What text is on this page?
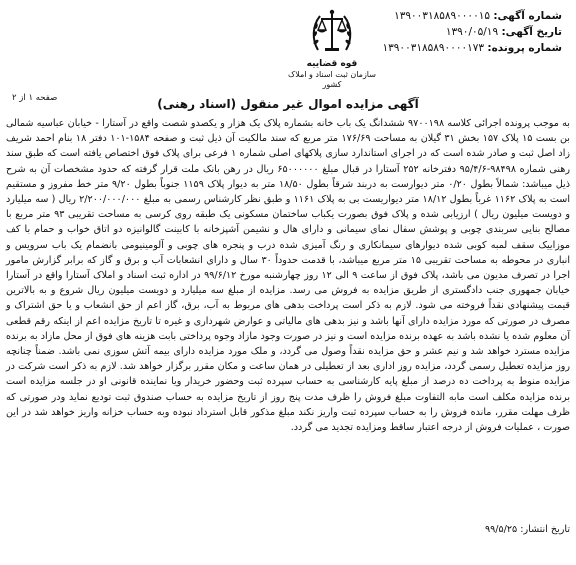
شماره آگهی: ۱۳۹۰۰۳۱۸۵۸۹۰۰۰۰۱۵
تاریخ آگهی: ۱۳۹۰/۰۵/۱۹
شماره پرونده: ۱۳۹۰۰۳۱۸۵۸۹۰۰۰۰۱۷۳
قوه قضاییه
سازمان ثبت اسناد و املاک کشور
صفحه ۱ از ۲	آگهی مزایده اموال غیر منقول (اسناد رهنی)

به موجب پرونده اجرائی کلاسه ۹۷۰۰۱۹۸ ششدانگ یک باب خانه بشماره پلاک یک هزار و یکصدو شصت واقع در آستارا - خیابان عباسیه شمالی بن بست ۱۵ پلاک ۱۵۷ بخش ۳۱ گیلان به مساحت ۱۷۶/۶۹ متر مربع که سند مالکیت آن ذیل ثبت و صفحه ۱۵۸۴-۱۰۱ دفتر ۱۸ بنام احمد شریف زاد اصل ثبت و صادر شده است که در اجرای استاندارد سازی پلاکهای اصلی شماره ۱ فرعی برای پلاک فوق اختصاص یافته است که طبق سند رهنی شماره ۹۸۴۹۸-۹۵/۴/۶ دفترخانه ۲۵۲ آستارا در قبال مبلغ ۶۵۰۰۰۰۰۰ ریال در رهن بانک ملت قرار گرفته که حدود مشخصات آن به شرح ذیل میباشد: شمالاً بطول ۰/۲۰ متر دیوارست به دربند شرقاً بطول ۱۸/۵۰ متر به دیوار پلاک ۱۱۵۹ جنوباً بطول ۹/۲۰ متر خط مفروز و مستقیم است به پلاک ۱۱۶۲ غرباً بطول ۱۸/۱۲ متر دیواریست بی به پلاک ۱۱۶۱ و طبق نظر کارشناس رسمی به مبلغ ۲/۲۰۰/۰۰۰/۰۰۰ ریال ( سه میلیارد و دویست میلیون ریال ) ارزیابی شده و پلاک فوق بصورت یکباب ساختمان مسکونی یک طبقه روی کرسی به مساحت تقریبی ۹۳ متر مربع با مصالح بنایی سربندی چوبی و پوشش سفال نمای سیمانی و دارای هال و نشیمن آشپزخانه با کابینت گالوانیزه دو اتاق خواب و حمام با کف موزاییک سقف لمبه کوبی شده دیوارهای سیمانکاری و رنگ آمیزی شده درب و پنجره های چوبی و آلومینیومی بانضمام یک باب سرویس و انباری در محوطه به مساحت تقریبی ۱۵ متر مربع میباشد، با قدمت حدوداً ۳۰ سال و دارای انشعابات آب و برق و گاز که برابر گزارش مامور اجرا در تصرف مدیون می باشد، پلاک فوق از ساعت ۹ الی ۱۲ روز چهارشنبه مورخ ۹۹/۶/۱۲ در اداره ثبت اسناد و املاک آستارا واقع در آستارا خیابان جمهوری جنب دادگستری از طریق مزایده به فروش می رسد. مزایده از مبلغ سه میلیارد و دویست میلیون ریال شروع و به بالاترین قیمت پیشنهادی نقداً فروخته می شود. لازم به ذکر است پرداخت بدهی های مربوط به آب، برق، گاز اعم از حق انشعاب و یا حق اشتراک و مصرف در صورتی که مورد مزایده دارای آنها باشد و نیز بدهی های مالیاتی و عوارض شهرداری و غیره تا تاریخ مزایده اعم از اینکه رقم قطعی آن معلوم شده یا نشده باشد به عهده برنده مزایده است و نیز در صورت وجود مازاد وجوه پرداختی بابت هزینه های فوق از محل مازاد به برنده مزایده مسترد خواهد شد و نیم عشر و حق مزایده نقداً وصول می گردد، و ملک مورد مزایده دارای بیمه آتش سوزی نمی باشد. ضمناً چنانچه روز مزایده تعطیل رسمی گردد، مزایده روز اداری بعد از تعطیلی در همان ساعت و مکان مقرر برگزار خواهد شد. لازم به ذکر است شرکت در مزایده منوط به پرداخت ده درصد از مبلغ پایه کارشناسی به حساب سپرده ثبت وحضور خریدار ویا نماینده قانونی او در جلسه مزایده است برنده مزایده مکلف است مابه التفاوت مبلغ فروش را ظرف مدت پنج روز از تاریخ مزایده به حساب صندوق ثبت تودیع نماید ودر صورتی که ظرف مهلت مقرر، مانده فروش را به حساب سپرده ثبت واریز نکند مبلغ مذکور قابل استرداد نبوده وبه حساب خزانه واریز خواهد شد در این صورت ، عملیات فروش از درجه اعتبار ساقط ومزایده تجدید می گردد.

تاریخ انتشار: ۹۹/۵/۲۵
